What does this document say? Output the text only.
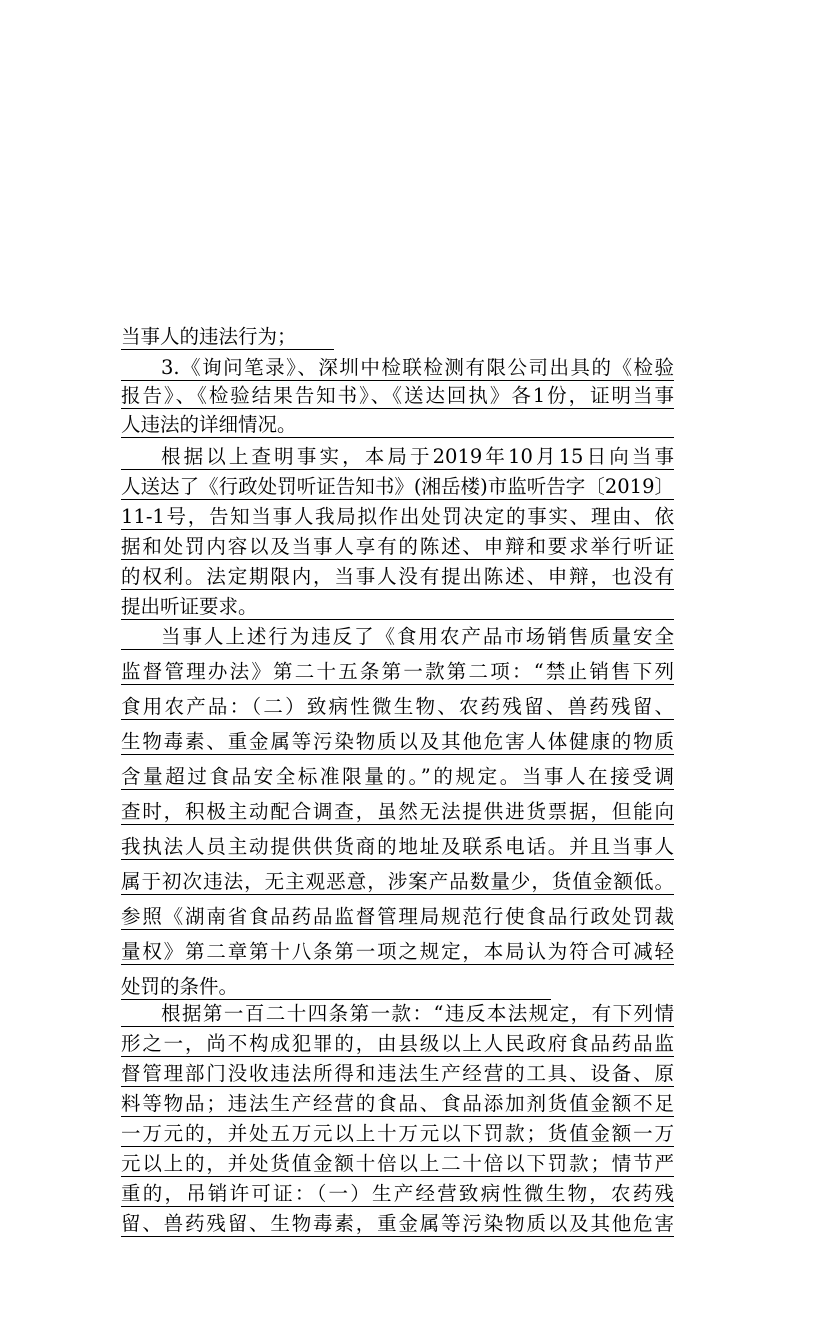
当事人的违法行为；
3.《询问笔录》、深圳中检联检测有限公司出具的《检验
报告》、《检验结果告知书》、《送达回执》各1份，证明当事
人违法的详细情况。
根据以上查明事实，本局于2019年10月15日向当事
人送达了《行政处罚听证告知书》(湘岳楼)市监听告字〔2019〕
11-1号，告知当事人我局拟作出处罚决定的事实、理由、依
据和处罚内容以及当事人享有的陈述、申辩和要求举行听证
的权利。法定期限内，当事人没有提出陈述、申辩，也没有
提出听证要求。
当事人上述行为违反了《食用农产品市场销售质量安全
监督管理办法》第二十五条第一款第二项：“禁止销售下列
食用农产品：（二）致病性微生物、农药残留、兽药残留、
生物毒素、重金属等污染物质以及其他危害人体健康的物质
含量超过食品安全标准限量的。”的规定。当事人在接受调
查时，积极主动配合调查，虽然无法提供进货票据，但能向
我执法人员主动提供供货商的地址及联系电话。并且当事人
属于初次违法，无主观恶意，涉案产品数量少，货值金额低。
参照《湖南省食品药品监督管理局规范行使食品行政处罚裁
量权》第二章第十八条第一项之规定，本局认为符合可减轻
处罚的条件。
根据第一百二十四条第一款：“违反本法规定，有下列情
形之一，尚不构成犯罪的，由县级以上人民政府食品药品监
督管理部门没收违法所得和违法生产经营的工具、设备、原
料等物品；违法生产经营的食品、食品添加剂货值金额不足
一万元的，并处五万元以上十万元以下罚款；货值金额一万
元以上的，并处货值金额十倍以上二十倍以下罚款；情节严
重的，吊销许可证：（一）生产经营致病性微生物，农药残
留、兽药残留、生物毒素，重金属等污染物质以及其他危害
